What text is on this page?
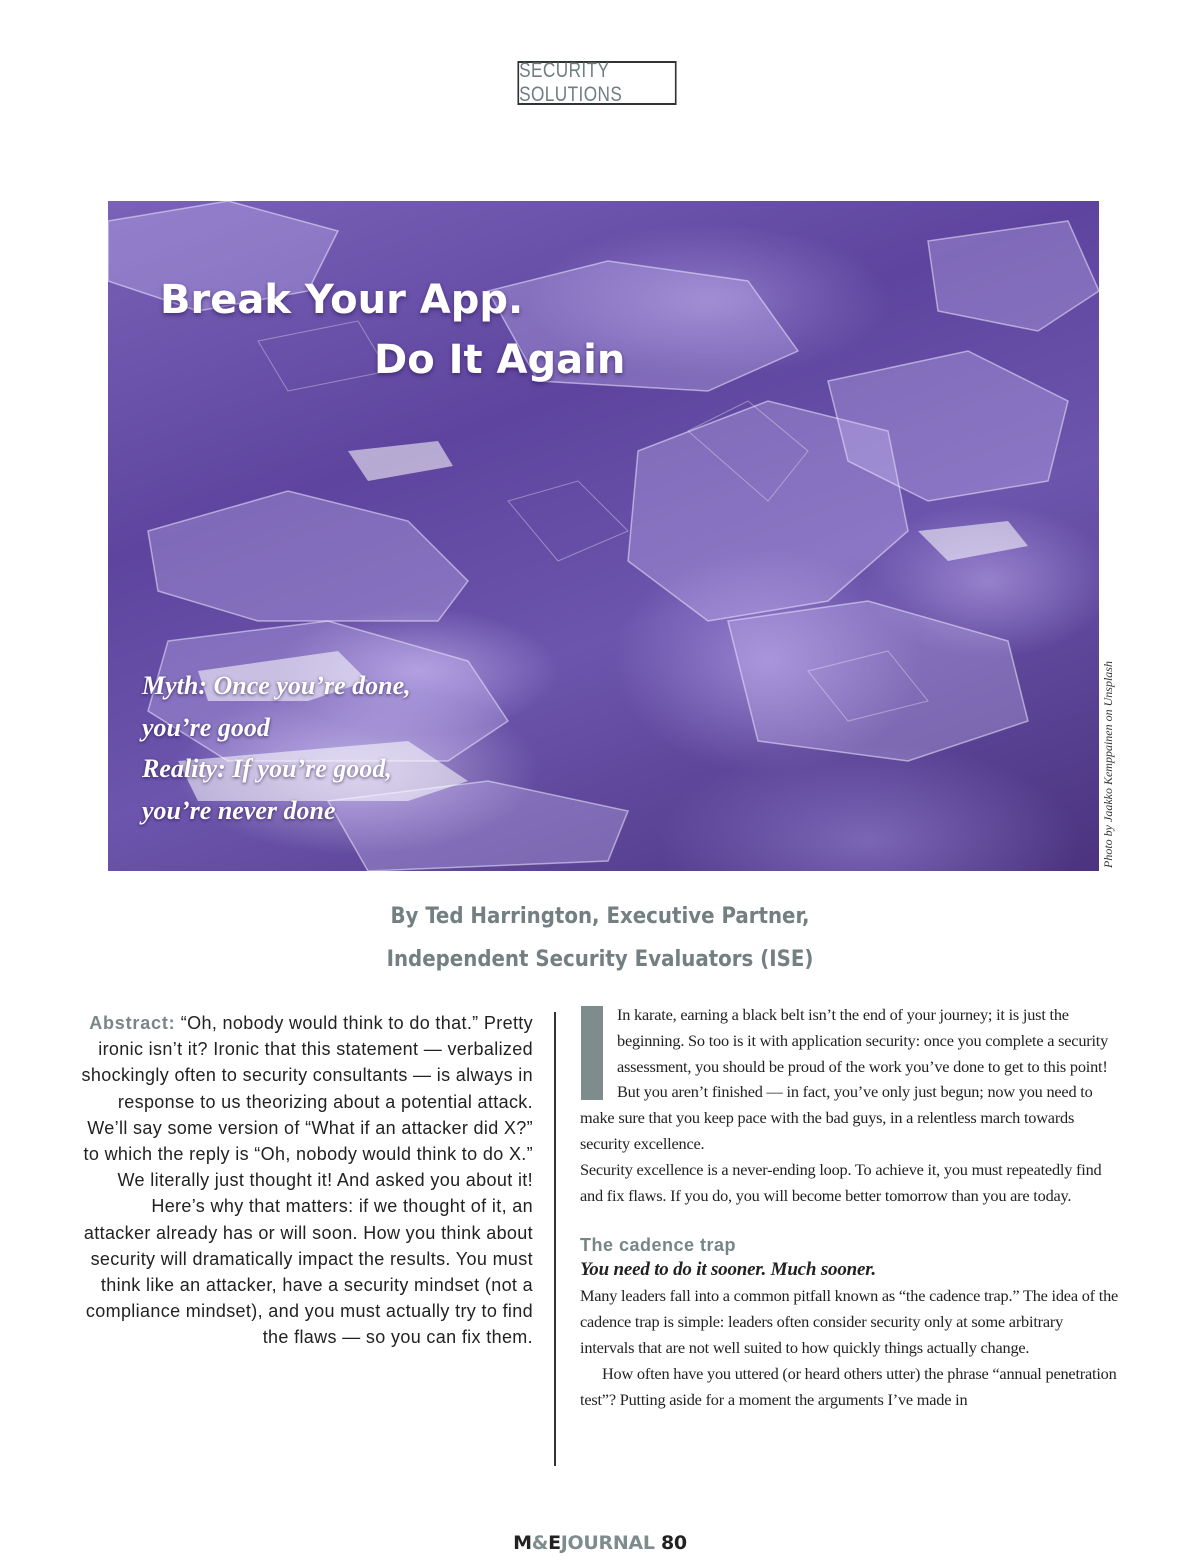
SECURITY SOLUTIONS
Break Your App.
Do It Again
Myth: Once you’re done,
you’re good
Reality: If you’re good,
you’re never done	Photo by Jaakko Kemppainen on Unsplash
By Ted Harrington, Executive Partner,
Independent Security Evaluators (ISE)
Abstract: “Oh, nobody would think to do that.” Pretty ironic isn’t it? Ironic that this statement — verbalized shockingly often to security consultants — is always in response to us theorizing about a potential attack. We’ll say some version of “What if an attacker did X?” to which the reply is “Oh, nobody would think to do X.” We literally just thought it! And asked you about it! Here’s why that matters: if we thought of it, an attacker already has or will soon. How you think about security will dramatically impact the results. You must think like an attacker, have a security mindset (not a compliance mindset), and you must actually try to find the flaws — so you can fix them.

In karate, earning a black belt isn’t the end of your journey; it is just the beginning. So too is it with application security: once you complete a security assessment, you should be proud of the work you’ve done to get to this point! But you aren’t finished — in fact, you’ve only just begun; now you need to make sure that you keep pace with the bad guys, in a relentless march towards security excellence.

Security excellence is a never-ending loop. To achieve it, you must repeatedly find and fix flaws. If you do, you will become better tomorrow than you are today.

The cadence trap
You need to do it sooner. Much sooner.

Many leaders fall into a common pitfall known as “the cadence trap.” The idea of the cadence trap is simple: leaders often consider security only at some arbitrary intervals that are not well suited to how quickly things actually change.

How often have you uttered (or heard others utter) the phrase “annual penetration test”? Putting aside for a moment the arguments I’ve made in

M&EJOURNAL 80
